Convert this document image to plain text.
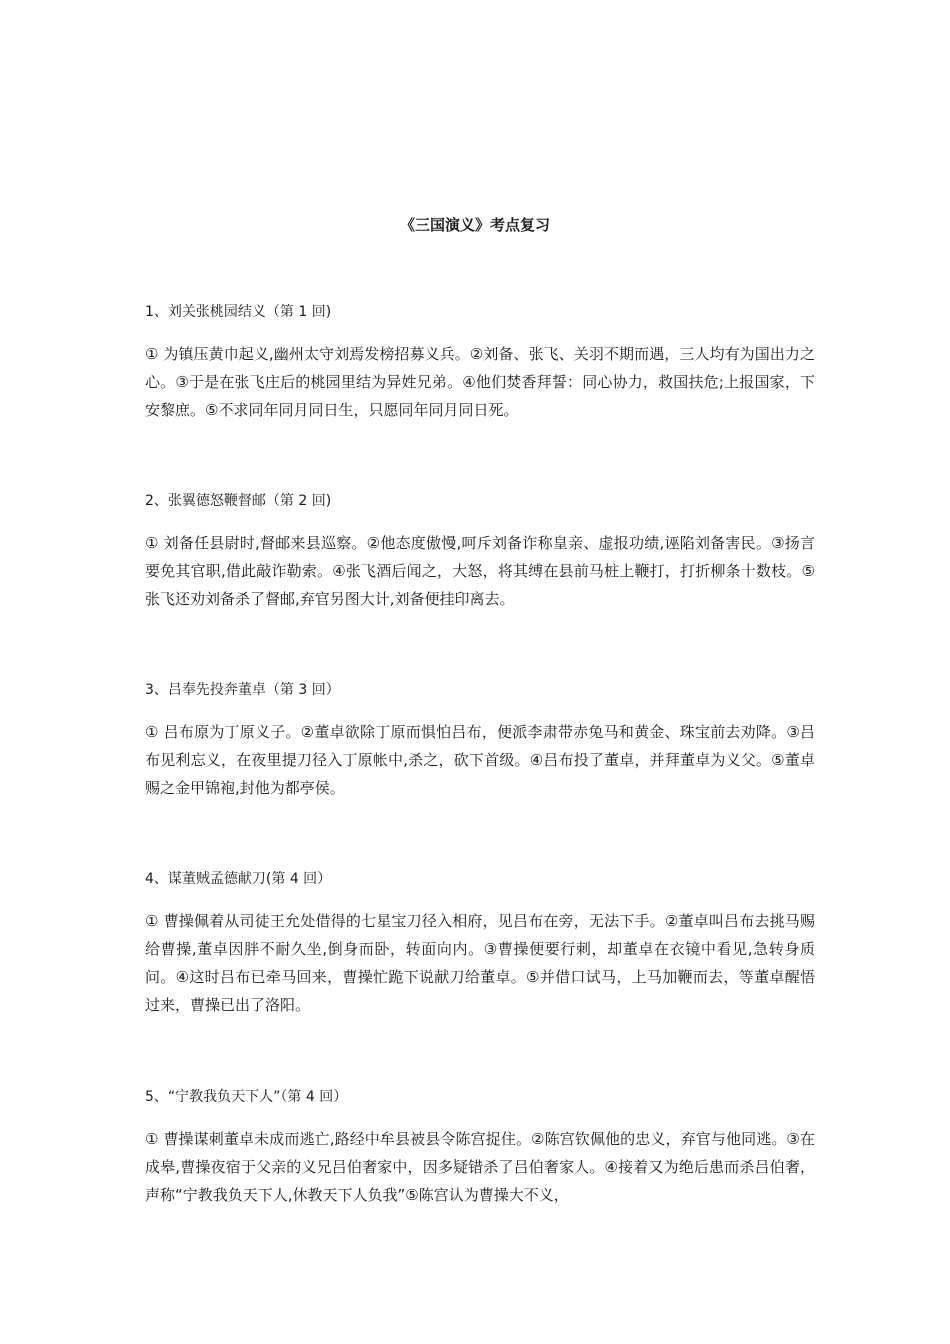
《三国演义》考点复习
1、刘关张桃园结义（第 1 回)

① 为镇压黄巾起义,幽州太守刘焉发榜招募义兵。②刘备、张飞、关羽不期而遇，三人均有为国出力之心。③于是在张飞庄后的桃园里结为异姓兄弟。④他们焚香拜誓：同心协力，救国扶危;上报国家，下安黎庶。⑤不求同年同月同日生，只愿同年同月同日死。

2、张翼德怒鞭督邮（第 2 回)

① 刘备任县尉时,督邮来县巡察。②他态度傲慢,呵斥刘备诈称皇亲、虚报功绩,诬陷刘备害民。③扬言要免其官职,借此敲诈勒索。④张飞酒后闻之，大怒，将其缚在县前马桩上鞭打，打折柳条十数枝。⑤张飞还劝刘备杀了督邮,弃官另图大计,刘备便挂印离去。

3、吕奉先投奔董卓（第 3 回）

① 吕布原为丁原义子。②董卓欲除丁原而惧怕吕布，便派李肃带赤兔马和黄金、珠宝前去劝降。③吕布见利忘义，在夜里提刀径入丁原帐中,杀之，砍下首级。④吕布投了董卓，并拜董卓为义父。⑤董卓赐之金甲锦袍,封他为都亭侯。

4、谋董贼孟德献刀(第 4 回）

① 曹操佩着从司徒王允处借得的七星宝刀径入相府，见吕布在旁，无法下手。②董卓叫吕布去挑马赐给曹操,董卓因胖不耐久坐,倒身而卧，转面向内。③曹操便要行刺，却董卓在衣镜中看见,急转身质问。④这时吕布已牵马回来，曹操忙跪下说献刀给董卓。⑤并借口试马，上马加鞭而去，等董卓醒悟过来，曹操已出了洛阳。

5、“宁教我负天下人”（第 4 回）

① 曹操谋刺董卓未成而逃亡,路经中牟县被县令陈宫捉住。②陈宫钦佩他的忠义，弃官与他同逃。③在成皋,曹操夜宿于父亲的义兄吕伯奢家中，因多疑错杀了吕伯奢家人。④接着又为绝后患而杀吕伯奢，声称“宁教我负天下人,休教天下人负我”⑤陈宫认为曹操大不义，
